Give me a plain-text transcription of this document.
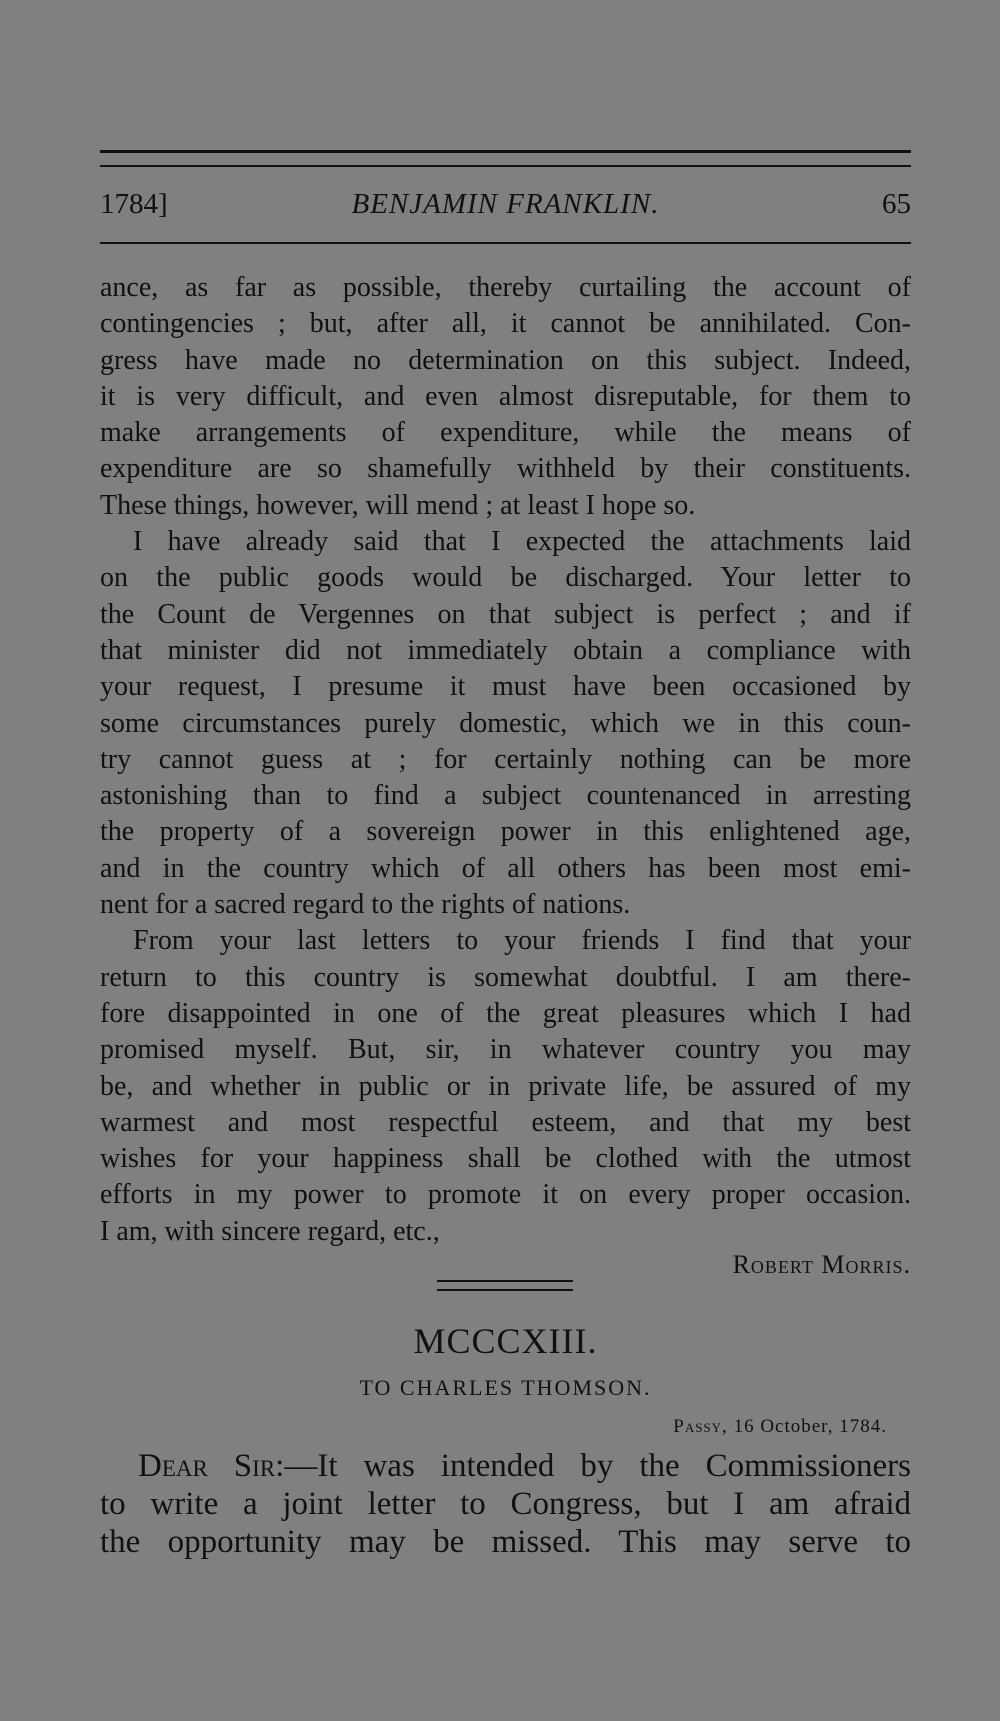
1784]	BENJAMIN FRANKLIN.	65
ance, as far as possible, thereby curtailing the account of
contingencies ; but, after all, it cannot be annihilated. Con-
gress have made no determination on this subject. Indeed,
it is very difficult, and even almost disreputable, for them to
make arrangements of expenditure, while the means of
expenditure are so shamefully withheld by their constituents.
These things, however, will mend ; at least I hope so.
I have already said that I expected the attachments laid
on the public goods would be discharged. Your letter to
the Count de Vergennes on that subject is perfect ; and if
that minister did not immediately obtain a compliance with
your request, I presume it must have been occasioned by
some circumstances purely domestic, which we in this coun-
try cannot guess at ; for certainly nothing can be more
astonishing than to find a subject countenanced in arresting
the property of a sovereign power in this enlightened age,
and in the country which of all others has been most emi-
nent for a sacred regard to the rights of nations.
From your last letters to your friends I find that your
return to this country is somewhat doubtful. I am there-
fore disappointed in one of the great pleasures which I had
promised myself. But, sir, in whatever country you may
be, and whether in public or in private life, be assured of my
warmest and most respectful esteem, and that my best
wishes for your happiness shall be clothed with the utmost
efforts in my power to promote it on every proper occasion.
I am, with sincere regard, etc.,
Robert Morris.
MCCCXIII.
TO CHARLES THOMSON.
Passy, 16 October, 1784.
Dear Sir:—It was intended by the Commissioners
to write a joint letter to Congress, but I am afraid
the opportunity may be missed. This may serve to
